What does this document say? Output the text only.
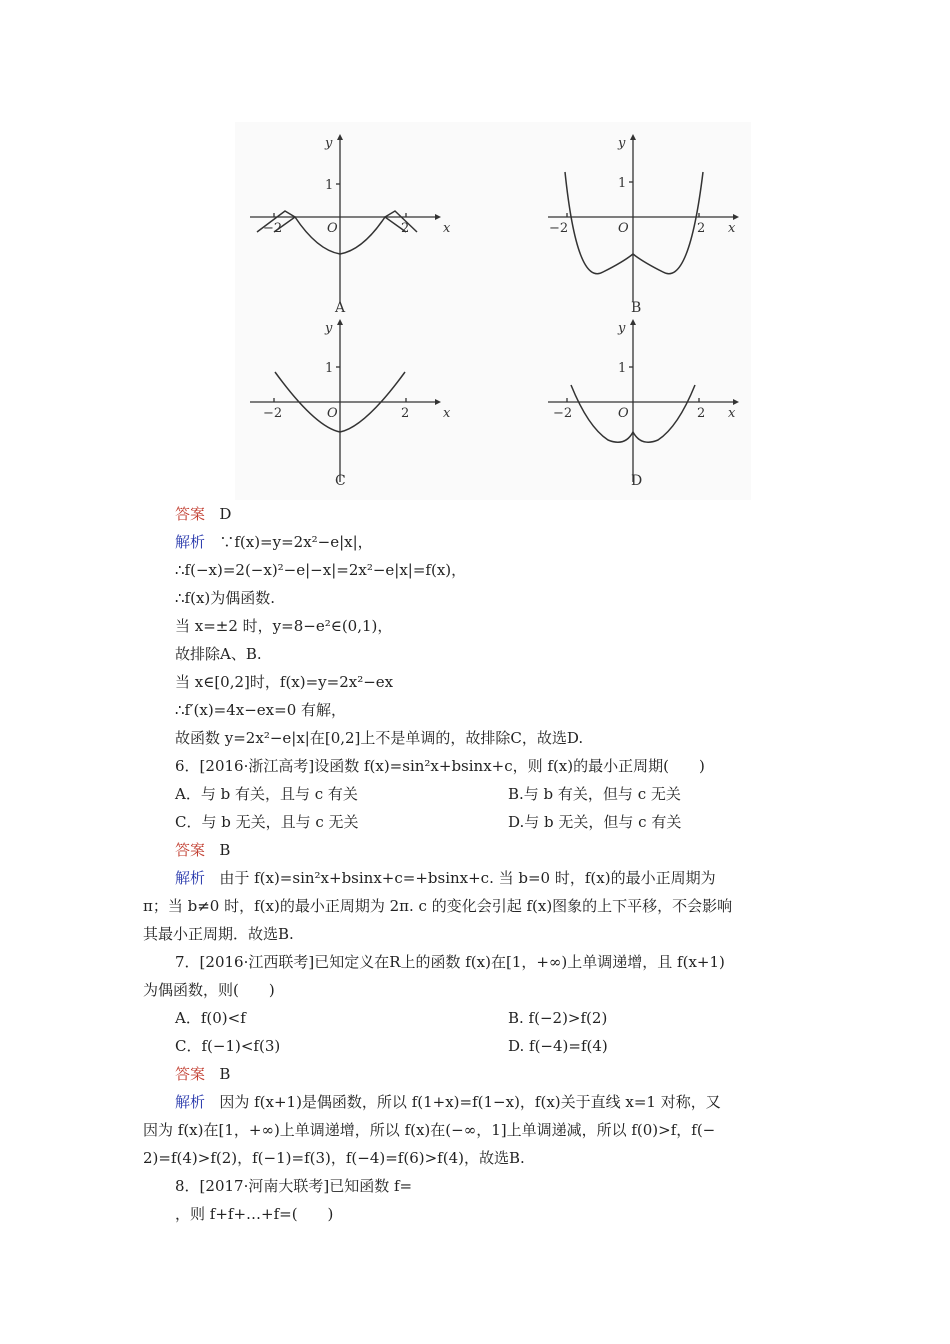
y
x
O
−2	2
1
A
y
x
O
−2	2
1
B
y
x
O
−2	2
1
C
y
x
O
−2	2
1
D
答案 D
解析 ∵f(x)=y=2x²−e|x|，
∴f(−x)=2(−x)²−e|−x|=2x²−e|x|=f(x)，
∴f(x)为偶函数.
当 x=±2 时，y=8−e²∈(0,1)，
故排除A、B.
当 x∈[0,2]时，f(x)=y=2x²−ex
∴f′(x)=4x−ex=0 有解，
故函数 y=2x²−e|x|在[0,2]上不是单调的，故排除C，故选D.
6．[2016·浙江高考]设函数 f(x)=sin²x+bsinx+c，则 f(x)的最小正周期(　　)
A．与 b 有关，且与 c 有关	B.与 b 有关，但与 c 无关
C．与 b 无关，且与 c 无关	D.与 b 无关，但与 c 有关
答案 B
解析 由于 f(x)=sin²x+bsinx+c=+bsinx+c. 当 b=0 时，f(x)的最小正周期为
π；当 b≠0 时，f(x)的最小正周期为 2π. c 的变化会引起 f(x)图象的上下平移，不会影响
其最小正周期．故选B.
7．[2016·江西联考]已知定义在R上的函数 f(x)在[1，+∞)上单调递增，且 f(x+1)
为偶函数，则(　　)
A．f(0)<f	B. f(−2)>f(2)
C．f(−1)<f(3)	D. f(−4)=f(4)
答案 B
解析 因为 f(x+1)是偶函数，所以 f(1+x)=f(1−x)，f(x)关于直线 x=1 对称，又
因为 f(x)在[1，+∞)上单调递增，所以 f(x)在(−∞，1]上单调递减，所以 f(0)>f，f(−
2)=f(4)>f(2)，f(−1)=f(3)，f(−4)=f(6)>f(4)，故选B.
8．[2017·河南大联考]已知函数 f=
，则 f+f+…+f=(　　)
